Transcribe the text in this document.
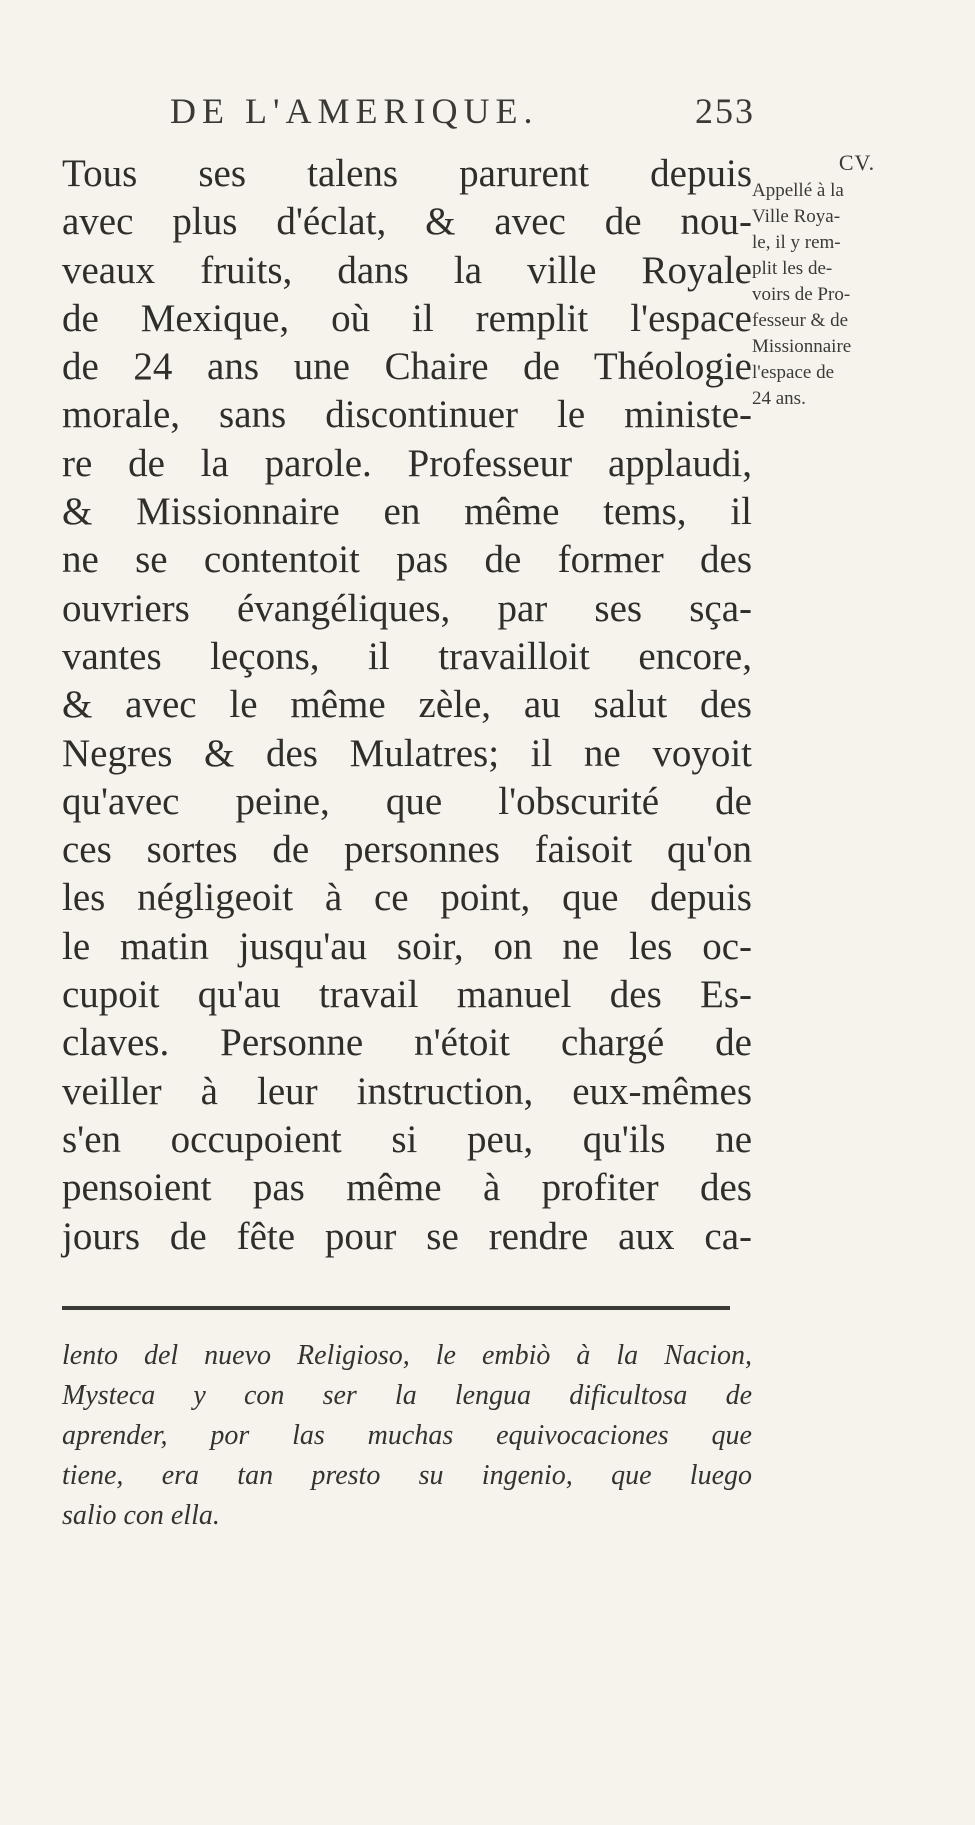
DE L'AMERIQUE.	253
Tous ses talens parurent depuis
avec plus d'éclat, & avec de nou-
veaux fruits, dans la ville Royale
de Mexique, où il remplit l'espace
de 24 ans une Chaire de Théologie
morale, sans discontinuer le ministe-
re de la parole. Professeur applaudi,
& Missionnaire en même tems, il
ne se contentoit pas de former des
ouvriers évangéliques, par ses sça-
vantes leçons, il travailloit encore,
& avec le même zèle, au salut des
Negres & des Mulatres; il ne voyoit
qu'avec peine, que l'obscurité de
ces sortes de personnes faisoit qu'on
les négligeoit à ce point, que depuis
le matin jusqu'au soir, on ne les oc-
cupoit qu'au travail manuel des Es-
claves. Personne n'étoit chargé de
veiller à leur instruction, eux-mêmes
s'en occupoient si peu, qu'ils ne
pensoient pas même à profiter des
jours de fête pour se rendre aux ca-
CV.
Appellé à la
Ville Roya-
le, il y rem-
plit les de-
voirs de Pro-
fesseur & de
Missionnaire
l'espace de
24 ans.
lento del nuevo Religioso, le embiò à la Nacion,
Mysteca y con ser la lengua dificultosa de
aprender, por las muchas equivocaciones que
tiene, era tan presto su ingenio, que luego
salio con ella.
